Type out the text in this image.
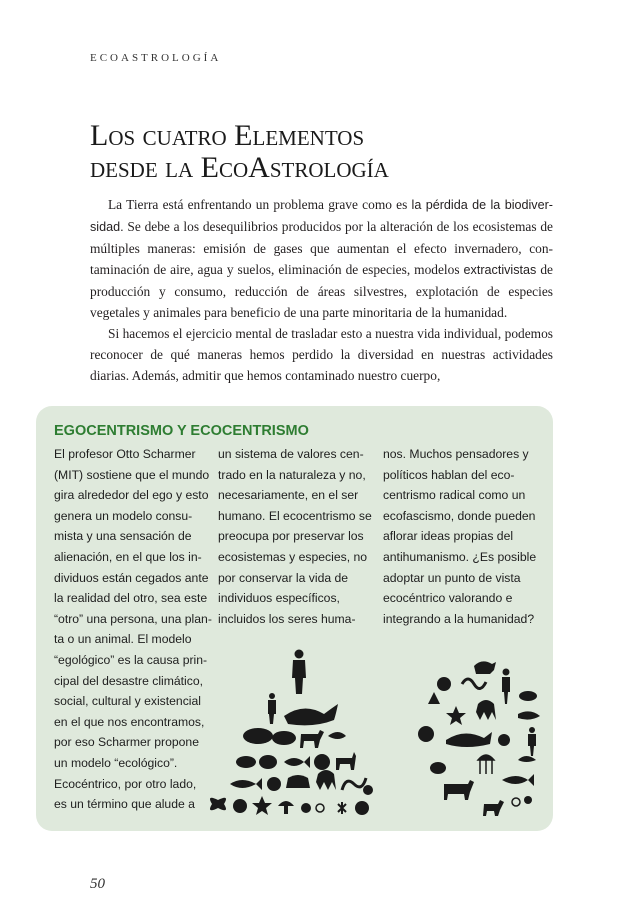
ECOASTROLOGÍA
Los cuatro Elementos
desde la EcoAstrología

La Tierra está enfrentando un problema grave como es la pérdida de la biodiversidad. Se debe a los desequilibrios producidos por la alteración de los ecosistemas de múltiples maneras: emisión de gases que aumentan el efecto invernadero, contaminación de aire, agua y suelos, eliminación de especies, modelos extractivistas de producción y consumo, reducción de áreas silvestres, explotación de especies vegetales y animales para beneficio de una parte minoritaria de la humanidad.

Si hacemos el ejercicio mental de trasladar esto a nuestra vida individual, podemos reconocer de qué maneras hemos perdido la diversidad en nuestras actividades diarias. Además, admitir que hemos contaminado nuestro cuerpo,

EGOCENTRISMO Y ECOCENTRISMO
El profesor Otto Scharmer (MIT) sostiene que el mundo gira alrededor del ego y esto genera un modelo consumista y una sensación de alienación, en el que los individuos están cegados ante la realidad del otro, sea este “otro” una persona, una planta o un animal. El modelo “egológico” es la causa principal del desastre climático, social, cultural y existencial en el que nos encontramos, por eso Scharmer propone un modelo “ecológico”. Ecocéntrico, por otro lado, es un término que alude a
un sistema de valores centrado en la naturaleza y no, necesariamente, en el ser humano. El ecocentrismo se preocupa por preservar los ecosistemas y especies, no por conservar la vida de individuos específicos, incluidos los seres huma-
nos. Muchos pensadores y políticos hablan del ecocentrismo radical como un ecofascismo, donde pueden aflorar ideas propias del antihumanismo. ¿Es posible adoptar un punto de vista ecocéntrico valorando e integrando a la humanidad?
50
